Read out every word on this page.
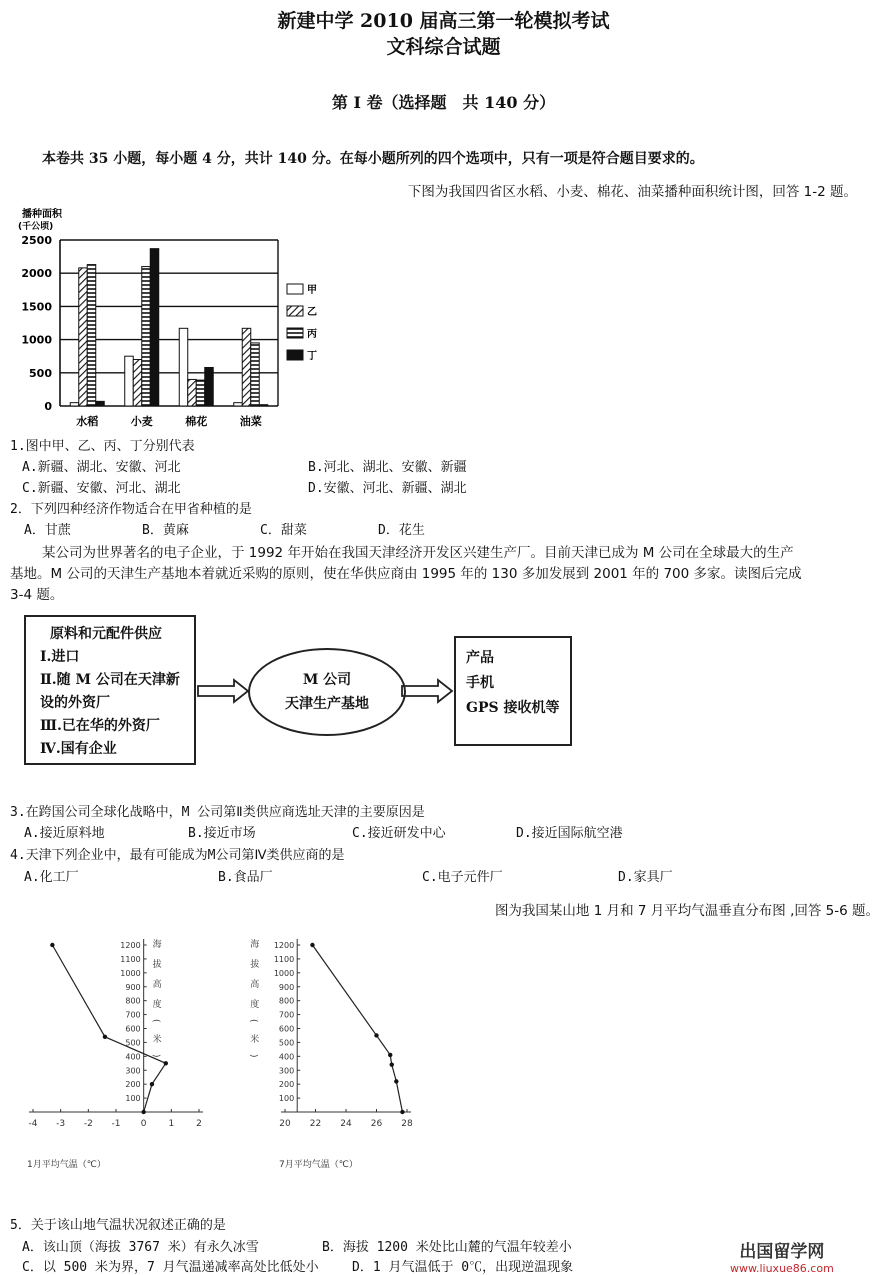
新建中学 2010 届高三第一轮模拟考试
文科综合试题
第 I 卷（选择题　共 140 分）
本卷共 35 小题，每小题 4 分，共计 140 分。在每小题所列的四个选项中，只有一项是符合题目要求的。
下图为我国四省区水稻、小麦、棉花、油菜播种面积统计图，回答 1-2 题。
播种面积
(千公顷)
0
500
1000
1500
2000
2500
水稻	小麦	棉花	油菜
甲
乙
丙
丁
1.图中甲、乙、丙、丁分别代表
A.新疆、湖北、安徽、河北	B.河北、湖北、安徽、新疆
C.新疆、安徽、河北、湖北	D.安徽、河北、新疆、湖北
2．下列四种经济作物适合在甲省种植的是
A．甘蔗	B．黄麻	C．甜菜	D．花生
某公司为世界著名的电子企业，于 1992 年开始在我国天津经济开发区兴建生产厂。目前天津已成为 M 公司在全球最大的生产
基地。M 公司的天津生产基地本着就近采购的原则，使在华供应商由 1995 年的 130 多加发展到 2001 年的 700 多家。读图后完成
3-4 题。
原料和元配件供应
Ⅰ.进口
Ⅱ.随 M 公司在天津新
设的外资厂
Ⅲ.已在华的外资厂
Ⅳ.国有企业
M 公司
天津生产基地
产品
手机
GPS 接收机等
3.在跨国公司全球化战略中，M 公司第Ⅱ类供应商选址天津的主要原因是
A.接近原料地	B.接近市场	C.接近研发中心	D.接近国际航空港
4.天津下列企业中，最有可能成为M公司第Ⅳ类供应商的是
A.化工厂	B.食品厂	C.电子元件厂	D.家具厂
图为我国某山地 1 月和 7 月平均气温垂直分布图 ,回答 5-6 题。
-4 -3 -2 -1 0 1 2
100
200
300
400
500
600
700
800
900
1000
1100
1200 海拔高度(米)
1月平均气温（℃）
20 22 24 26 28
100
200
300
400
500
600
700
800
900
1000
1100
1200
海拔高度(米)
7月平均气温（℃）
5．关于该山地气温状况叙述正确的是
A．该山顶（海拔 3767 米）有永久冰雪	B．海拔 1200 米处比山麓的气温年较差小
C．以 500 米为界，7 月气温递减率高处比低处小	D．1 月气温低于 0℃，出现逆温现象
出国留学网
www.liuxue86.com
